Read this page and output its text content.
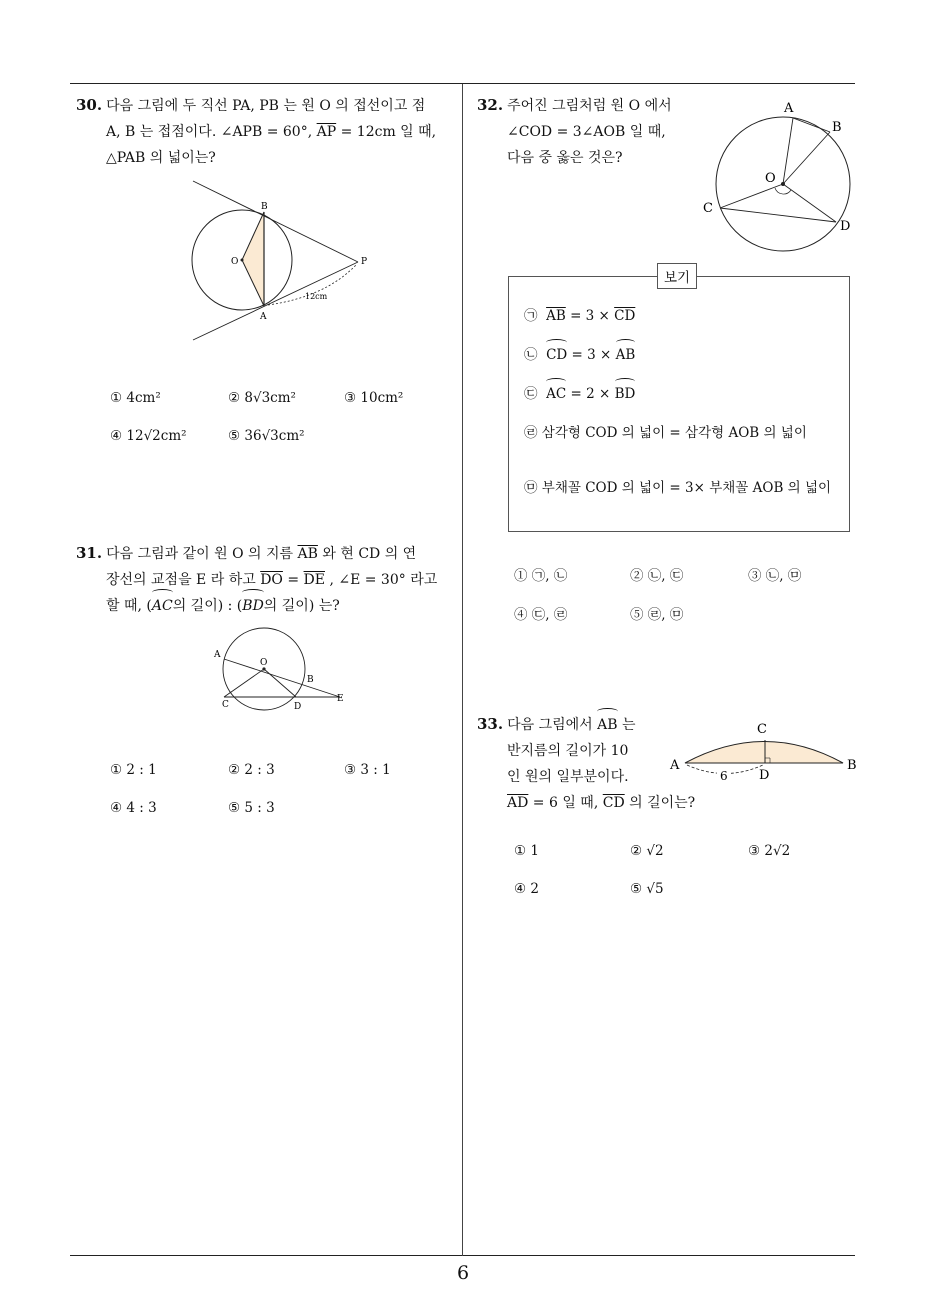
30. 다음 그림에 두 직선 PA, PB 는 원 O 의 접선이고 점
A, B 는 접점이다. ∠APB = 60°, $\overline{AP} = 12cm$ 일 때,
△PAB 의 넓이는?
B
O	P
A
12cm
① 4cm²	② 8√3cm²	③ 10cm²
④ 12√2cm²	⑤ 36√3cm²
31. 다음 그림과 같이 원 O 의 지름 $\overline{AB}$ 와 현 CD 의 연
장선의 교점을 E 라 하고 $\overline{DO} = \overline{DE}$ , ∠E = 30° 라고
할 때, (AC의 길이) : (BD의 길이) 는?
A
O
B
C	D
E
① 2 : 1	② 2 : 3	③ 3 : 1
④ 4 : 3	⑤ 5 : 3
32. 주어진 그림처럼 원 O 에서
∠COD = 3∠AOB 일 때,
다음 중 옳은 것은?
A
B
O
C
D
보기
㉠ $\overline{AB} = 3 \times \overline{CD}$
㉡ CD = 3 × AB
㉢ AC = 2 × BD
㉣ 삼각형 COD 의 넓이 = 삼각형 AOB 의 넓이
㉤ 부채꼴 COD 의 넓이 = 3× 부채꼴 AOB 의 넓이
① ㉠, ㉡	② ㉡, ㉢	③ ㉡, ㉤
④ ㉢, ㉣	⑤ ㉣, ㉤
33. 다음 그림에서 AB 는
반지름의 길이가 10
인 원의 일부분이다.
$\overline{AD} = 6$ 일 때, $\overline{CD}$ 의 길이는?
A	B
C
D
6
① 1	② √2	③ 2√2
④ 2	⑤ √5
6
